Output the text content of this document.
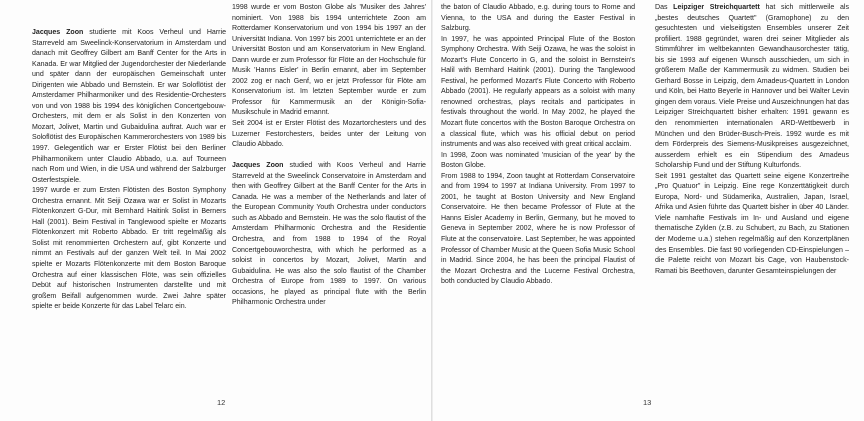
Jacques Zoon studierte mit Koos Verheul und Harrie Starreveld am Sweelinck-Konservatorium in Amsterdam und danach mit Geoffrey Gilbert am Banff Center for the Arts in Kanada. Er war Mitglied der Jugendorchester der Niederlande und später dann der europäischen Gemeinschaft unter Dirigenten wie Abbado und Bernstein. Er war Soloflötist der Amsterdamer Philharmoniker und des Residentie-Orchesters von und von 1988 bis 1994 des königlichen Concertgebouw-Orchesters, mit dem er als Solist in den Konzerten von Mozart, Jolivet, Martin und Gubaidulina auftrat. Auch war er Soloflötist des Europäischen Kammerorchesters von 1989 bis 1997. Gelegentlich war er Erster Flötist bei den Berliner Philharmonikern unter Claudio Abbado, u.a. auf Tourneen nach Rom und Wien, in die USA und während der Salzburger Osterfestspiele.

1997 wurde er zum Ersten Flötisten des Boston Symphony Orchestra ernannt. Mit Seiji Ozawa war er Solist in Mozarts Flötenkonzert G-Dur, mit Bernhard Haitink Solist in Berners Hall (2001). Beim Festival in Tanglewood spielte er Mozarts Flötenkonzert mit Roberto Abbado. Er tritt regelmäßig als Solist mit renommierten Orchestern auf, gibt Konzerte und nimmt an Festivals auf der ganzen Welt teil. In Mai 2002 spielte er Mozarts Flötenkonzerte mit dem Boston Baroque Orchestra auf einer klassischen Flöte, was sein offizielles Debüt auf historischen Instrumenten darstellte und mit großem Beifall aufgenommen wurde. Zwei Jahre später spielte er beide Konzerte für das Label Telarc ein.

1998 wurde er vom Boston Globe als 'Musiker des Jahres' nominiert. Von 1988 bis 1994 unterrichtete Zoon am Rotterdamer Konservatorium und von 1994 bis 1997 an der Universität Indiana. Von 1997 bis 2001 unterrichtete er an der Universität Boston und am Konservatorium in New England. Dann wurde er zum Professor für Flöte an der Hochschule für Musik 'Hanns Eisler' in Berlin ernannt, aber im September 2002 zog er nach Genf, wo er jetzt Professor für Flöte am Konservatorium ist. Im letzten September wurde er zum Professor für Kammermusik an der Königin-Sofia-Musikschule in Madrid ernannt.

Seit 2004 ist er Erster Flötist des Mozartorchesters und des Luzerner Festorchesters, beides unter der Leitung von Claudio Abbado.

Jacques Zoon studied with Koos Verheul and Harrie Starreveld at the Sweelinck Conservatoire in Amsterdam and then with Geoffrey Gilbert at the Banff Center for the Arts in Canada. He was a member of the Netherlands and later of the European Community Youth Orchestra under conductors such as Abbado and Bernstein. He was the solo flautist of the Amsterdam Philharmonic Orchestra and the Residentie Orchestra, and from 1988 to 1994 of the Royal Concertgebouworchestra, with which he performed as a soloist in concertos by Mozart, Jolivet, Martin and Gubaidulina. He was also the solo flautist of the Chamber Orchestra of Europe from 1989 to 1997. On various occasions, he played as principal flute with the Berlin Philharmonic Orchestra under

12

the baton of Claudio Abbado, e.g. during tours to Rome and Vienna, to the USA and during the Easter Festival in Salzburg.

In 1997, he was appointed Principal Flute of the Boston Symphony Orchestra. With Seiji Ozawa, he was the soloist in Mozart's Flute Concerto in G, and the soloist in Bernstein's Halil with Bernhard Haitink (2001). During the Tanglewood Festival, he performed Mozart's Flute Concerto with Roberto Abbado (2001). He regularly appears as a soloist with many renowned orchestras, plays recitals and participates in festivals throughout the world. In May 2002, he played the Mozart flute concertos with the Boston Baroque Orchestra on a classical flute, which was his official debut on period instruments and was also received with great critical acclaim.

In 1998, Zoon was nominated 'musician of the year' by the Boston Globe.

From 1988 to 1994, Zoon taught at Rotterdam Conservatoire and from 1994 to 1997 at Indiana University. From 1997 to 2001, he taught at Boston University and New England Conservatoire. He then became Professor of Flute at the Hanns Eisler Academy in Berlin, Germany, but he moved to Geneva in September 2002, where he is now Professor of Flute at the conservatoire. Last September, he was appointed Professor of Chamber Music at the Queen Sofia Music School in Madrid. Since 2004, he has been the principal Flautist of the Mozart Orchestra and the Lucerne Festival Orchestra, both conducted by Claudio Abbado.

Das Leipziger Streichquartett hat sich mittlerweile als „bestes deutsches Quartett" (Gramophone) zu den gesuchtesten und vielseitigsten Ensembles unserer Zeit profiliert. 1988 gegründet, waren drei seiner Mitglieder als Stimmführer im weltbekannten Gewandhausorchester tätig, bis sie 1993 auf eigenen Wunsch ausschieden, um sich in größerem Maße der Kammermusik zu widmen. Studien bei Gerhard Bosse in Leipzig, dem Amadeus-Quartett in London und Köln, bei Hatto Beyerle in Hannover und bei Walter Levin gingen dem voraus. Viele Preise und Auszeichnungen hat das Leipziger Streichquartett bisher erhalten: 1991 gewann es den renommierten internationalen ARD-Wettbewerb in München und den Brüder-Busch-Preis. 1992 wurde es mit dem Förderpreis des Siemens-Musikpreises ausgezeichnet, ausserdem erhielt es ein Stipendium des Amadeus Scholarship Fund und der Stiftung Kulturfonds.

Seit 1991 gestaltet das Quartett seine eigene Konzertreihe „Pro Quatuor" in Leipzig. Eine rege Konzerttätigkeit durch Europa, Nord- und Südamerika, Australien, Japan, Israel, Afrika und Asien führte das Quartett bisher in über 40 Länder. Viele namhafte Festivals im In- und Ausland und eigene thematische Zyklen (z.B. zu Schubert, zu Bach, zu Stationen der Moderne u.a.) stehen regelmäßig auf den Konzertplänen des Ensembles. Die fast 90 vorliegenden CD-Einspielungen – die Palette reicht von Mozart bis Cage, von Haubenstock-Ramati bis Beethoven, darunter Gesamteinspielungen der

13
